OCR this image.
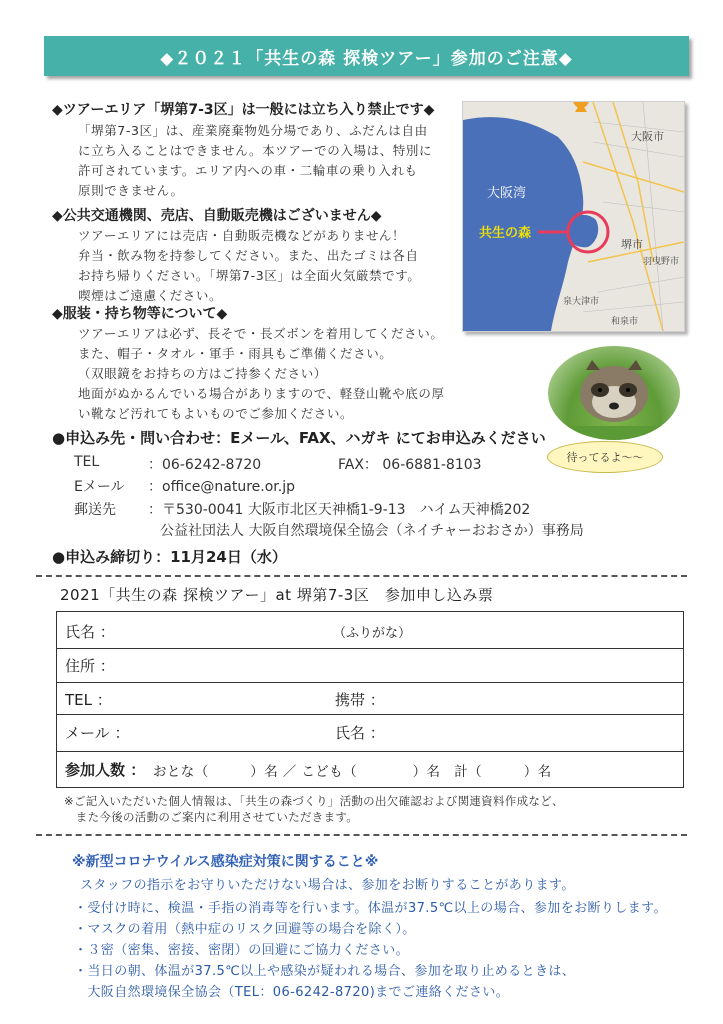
◆２０２１「共生の森 探検ツアー」参加のご注意◆
◆ツアーエリア「堺第7-3区」は一般には立ち入り禁止です◆
「堺第7-3区」は、産業廃棄物処分場であり、ふだんは自由
に立ち入ることはできません。本ツアーでの入場は、特別に
許可されています。エリア内への車・二輪車の乗り入れも
原則できません。
◆公共交通機関、売店、自動販売機はございません◆
ツアーエリアには売店・自動販売機などがありません！
弁当・飲み物を持参してください。また、出たゴミは各自
お持ち帰りください。「堺第7-3区」は全面火気厳禁です。
喫煙はご遠慮ください。
◆服装・持ち物等について◆
ツアーエリアは必ず、長そで・長ズボンを着用してください。
また、帽子・タオル・軍手・雨具もご準備ください。
（双眼鏡をお持ちの方はご持参ください）
地面がぬかるんでいる場合がありますので、軽登山靴や底の厚
い靴など汚れてもよいものでご参加ください。
大阪市
堺市
和泉市
羽曳野市
泉大津市
大阪湾
共生の森
待ってるよ～～
●申込み先・問い合わせ：Eメール、FAX、ハガキ にてお申込みください
TEL	：06-6242-8720	FAX： 06-6881-8103
Eメール ：office@nature.or.jp
郵送先 ：〒530-0041 大阪市北区天神橋1-9-13　ハイム天神橋202
公益社団法人 大阪自然環境保全協会（ネイチャーおおさか）事務局
●申込み締切り：11月24日（水）
2021「共生の森 探検ツアー」at 堺第7-3区　参加申し込み票
氏名 ：	（ふりがな）
住所 ：
TEL ：	携帯 ：
メール ：	氏名 ：
参加人数 ： おとな（　　　）名 ／ こども（　　　　）名　計（　　　）名
※ご記入いただいた個人情報は、「共生の森づくり」活動の出欠確認および関連資料作成など、
　また今後の活動のご案内に利用させていただきます。
※新型コロナウイルス感染症対策に関すること※
スタッフの指示をお守りいただけない場合は、参加をお断りすることがあります。
・受付け時に、検温・手指の消毒等を行います。体温が37.5℃以上の場合、参加をお断りします。
・マスクの着用（熱中症のリスク回避等の場合を除く）。
・３密（密集、密接、密閉）の回避にご協力ください。
・当日の朝、体温が37.5℃以上や感染が疑われる場合、参加を取り止めるときは、
　大阪自然環境保全協会（TEL：06-6242-8720)までご連絡ください。
